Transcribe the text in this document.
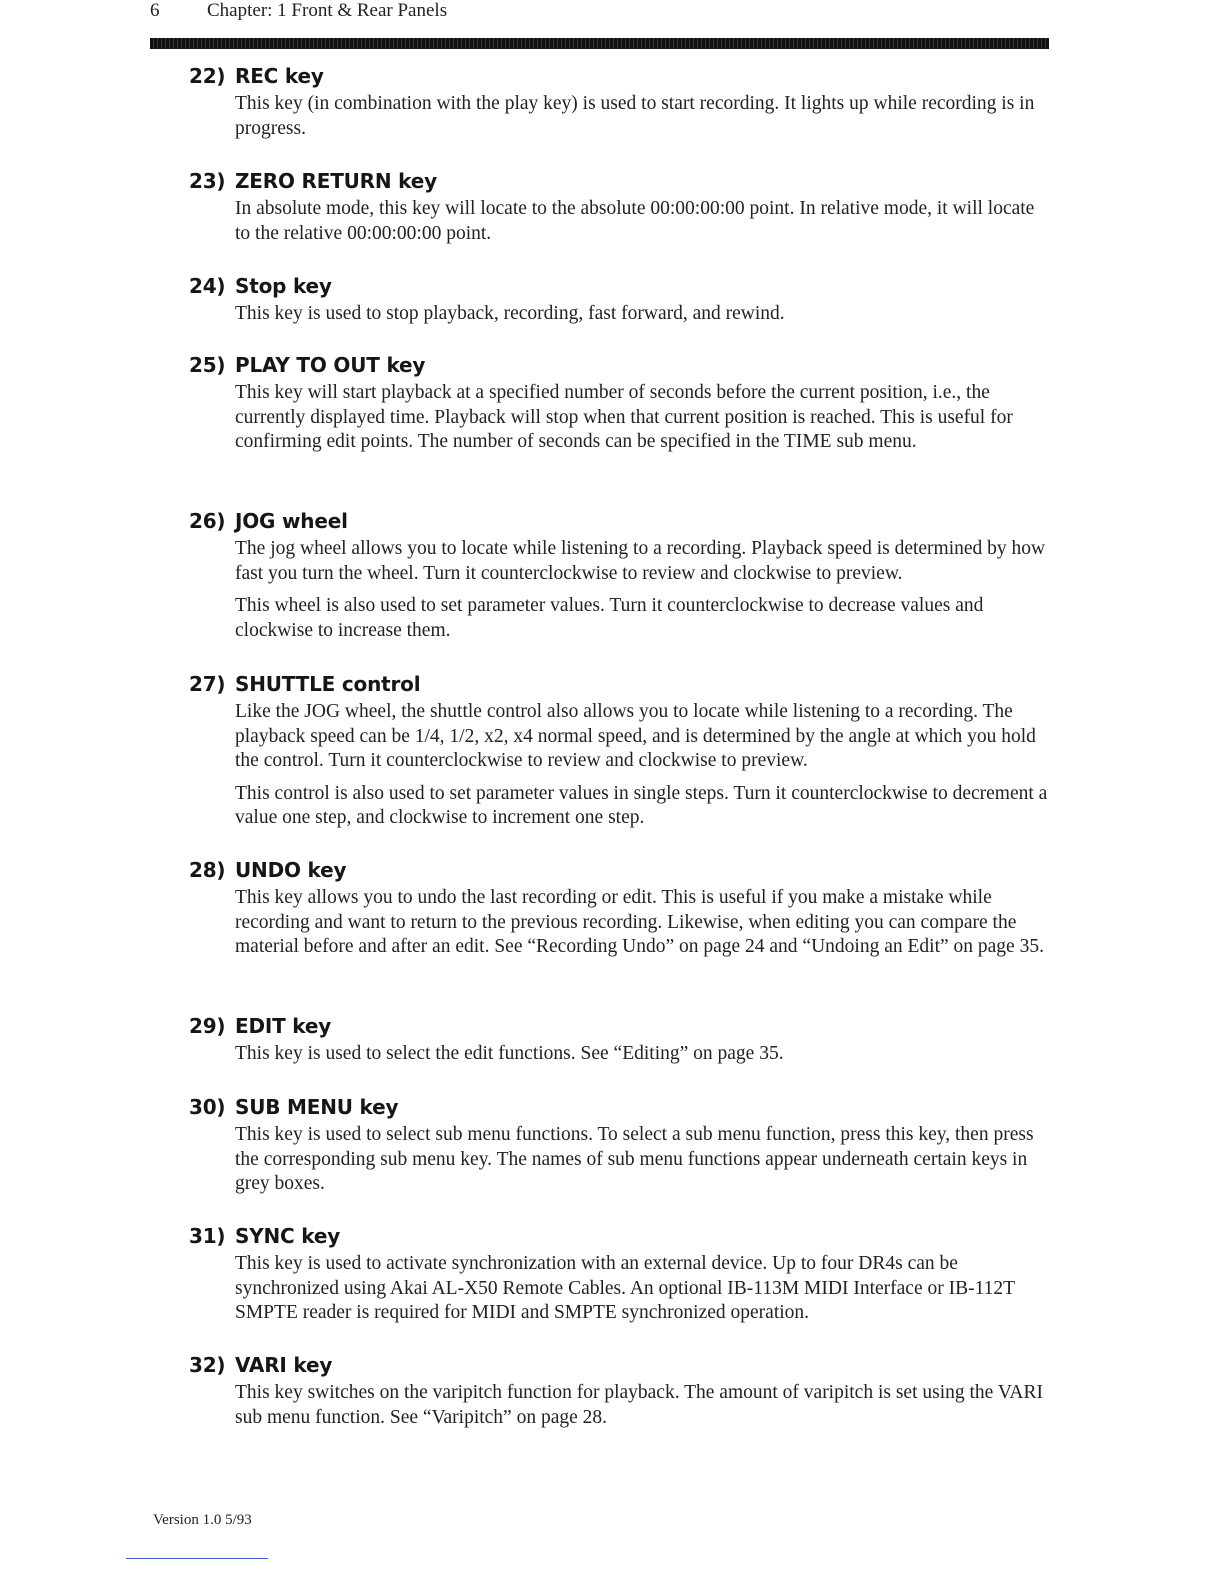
6	Chapter: 1 Front & Rear Panels
22) REC key

This key (in combination with the play key) is used to start recording. It lights up while recording is in progress.

23) ZERO RETURN key

In absolute mode, this key will locate to the absolute 00:00:00:00 point. In relative mode, it will locate to the relative 00:00:00:00 point.

24) Stop key

This key is used to stop playback, recording, fast forward, and rewind.

25) PLAY TO OUT key

This key will start playback at a specified number of seconds before the current position, i.e., the currently displayed time. Playback will stop when that current position is reached. This is useful for confirming edit points. The number of seconds can be specified in the TIME sub menu.

26) JOG wheel

The jog wheel allows you to locate while listening to a recording. Playback speed is determined by how fast you turn the wheel. Turn it counterclockwise to review and clockwise to preview.

This wheel is also used to set parameter values. Turn it counterclockwise to decrease values and clockwise to increase them.

27) SHUTTLE control

Like the JOG wheel, the shuttle control also allows you to locate while listening to a recording. The playback speed can be 1/4, 1/2, x2, x4 normal speed, and is determined by the angle at which you hold the control. Turn it counterclockwise to review and clockwise to preview.

This control is also used to set parameter values in single steps. Turn it counterclockwise to decrement a value one step, and clockwise to increment one step.

28) UNDO key

This key allows you to undo the last recording or edit. This is useful if you make a mistake while recording and want to return to the previous recording. Likewise, when editing you can compare the material before and after an edit. See “Recording Undo” on page 24 and “Undoing an Edit” on page 35.

29) EDIT key

This key is used to select the edit functions. See “Editing” on page 35.

30) SUB MENU key

This key is used to select sub menu functions. To select a sub menu function, press this key, then press the corresponding sub menu key. The names of sub menu functions appear underneath certain keys in grey boxes.

31) SYNC key

This key is used to activate synchronization with an external device. Up to four DR4s can be synchronized using Akai AL-X50 Remote Cables. An optional IB-113M MIDI Interface or IB-112T SMPTE reader is required for MIDI and SMPTE synchronized operation.

32) VARI key

This key switches on the varipitch function for playback. The amount of varipitch is set using the VARI sub menu function. See “Varipitch” on page 28.

Version 1.0 5/93
